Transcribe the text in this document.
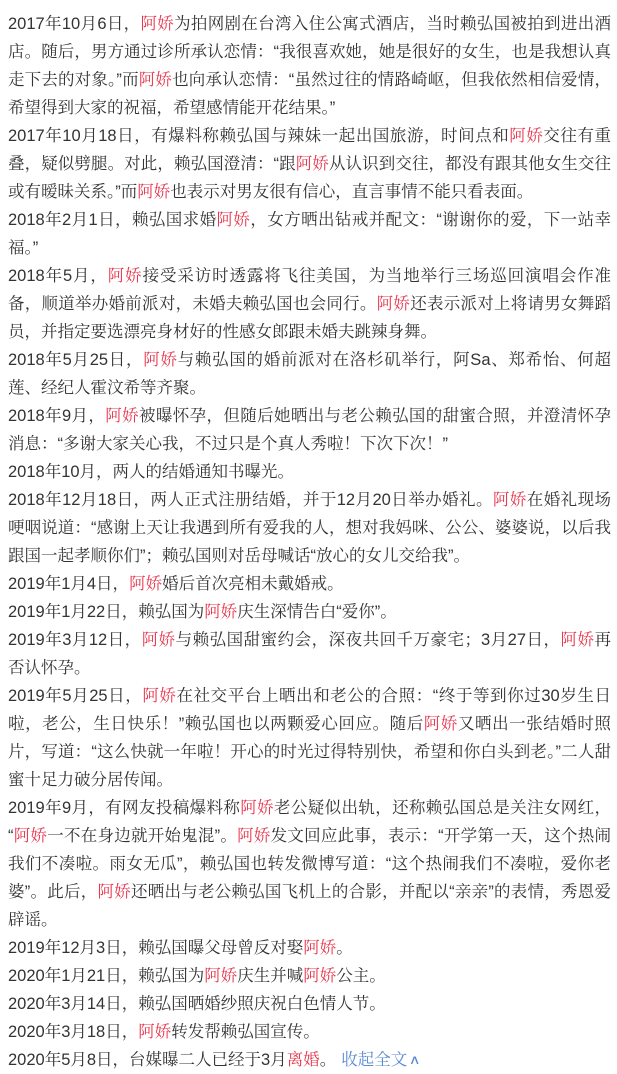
2017年10月6日，阿娇为拍网剧在台湾入住公寓式酒店，当时赖弘国被拍到进出酒店。随后，男方通过诊所承认恋情：“我很喜欢她，她是很好的女生，也是我想认真走下去的对象。”而阿娇也向承认恋情：“虽然过往的情路崎岖，但我依然相信爱情，希望得到大家的祝福，希望感情能开花结果。”

2017年10月18日，有爆料称赖弘国与辣妹一起出国旅游，时间点和阿娇交往有重叠，疑似劈腿。对此，赖弘国澄清：“跟阿娇从认识到交往，都没有跟其他女生交往或有暧昧关系。”而阿娇也表示对男友很有信心，直言事情不能只看表面。

2018年2月1日，赖弘国求婚阿娇，女方晒出钻戒并配文：“谢谢你的爱，下一站幸福。”

2018年5月，阿娇接受采访时透露将飞往美国，为当地举行三场巡回演唱会作准备，顺道举办婚前派对，未婚夫赖弘国也会同行。阿娇还表示派对上将请男女舞蹈员，并指定要选漂亮身材好的性感女郎跟未婚夫跳辣身舞。

2018年5月25日，阿娇与赖弘国的婚前派对在洛杉矶举行，阿Sa、郑希怡、何超莲、经纪人霍汶希等齐聚。

2018年9月，阿娇被曝怀孕，但随后她晒出与老公赖弘国的甜蜜合照，并澄清怀孕消息：“多谢大家关心我，不过只是个真人秀啦！下次下次！”

2018年10月，两人的结婚通知书曝光。

2018年12月18日，两人正式注册结婚，并于12月20日举办婚礼。阿娇在婚礼现场哽咽说道：“感谢上天让我遇到所有爱我的人，想对我妈咪、公公、婆婆说，以后我跟国一起孝顺你们”；赖弘国则对岳母喊话“放心的女儿交给我”。

2019年1月4日，阿娇婚后首次亮相未戴婚戒。

2019年1月22日，赖弘国为阿娇庆生深情告白“爱你”。

2019年3月12日，阿娇与赖弘国甜蜜约会，深夜共回千万豪宅；3月27日，阿娇再否认怀孕。

2019年5月25日，阿娇在社交平台上晒出和老公的合照：“终于等到你过30岁生日啦，老公，生日快乐！”赖弘国也以两颗爱心回应。随后阿娇又晒出一张结婚时照片，写道：“这么快就一年啦！开心的时光过得特别快，希望和你白头到老。”二人甜蜜十足力破分居传闻。

2019年9月，有网友投稿爆料称阿娇老公疑似出轨，还称赖弘国总是关注女网红，“阿娇一不在身边就开始鬼混”。阿娇发文回应此事，表示：“开学第一天，这个热闹我们不凑啦。雨女无瓜”，赖弘国也转发微博写道：“这个热闹我们不凑啦，爱你老婆”。此后，阿娇还晒出与老公赖弘国飞机上的合影，并配以“亲亲”的表情，秀恩爱辟谣。

2019年12月3日，赖弘国曝父母曾反对娶阿娇。

2020年1月21日，赖弘国为阿娇庆生并喊阿娇公主。

2020年3月14日，赖弘国晒婚纱照庆祝白色情人节。

2020年3月18日，阿娇转发帮赖弘国宣传。

2020年5月8日，台媒曝二人已经于3月离婚。 收起全文 ∧
